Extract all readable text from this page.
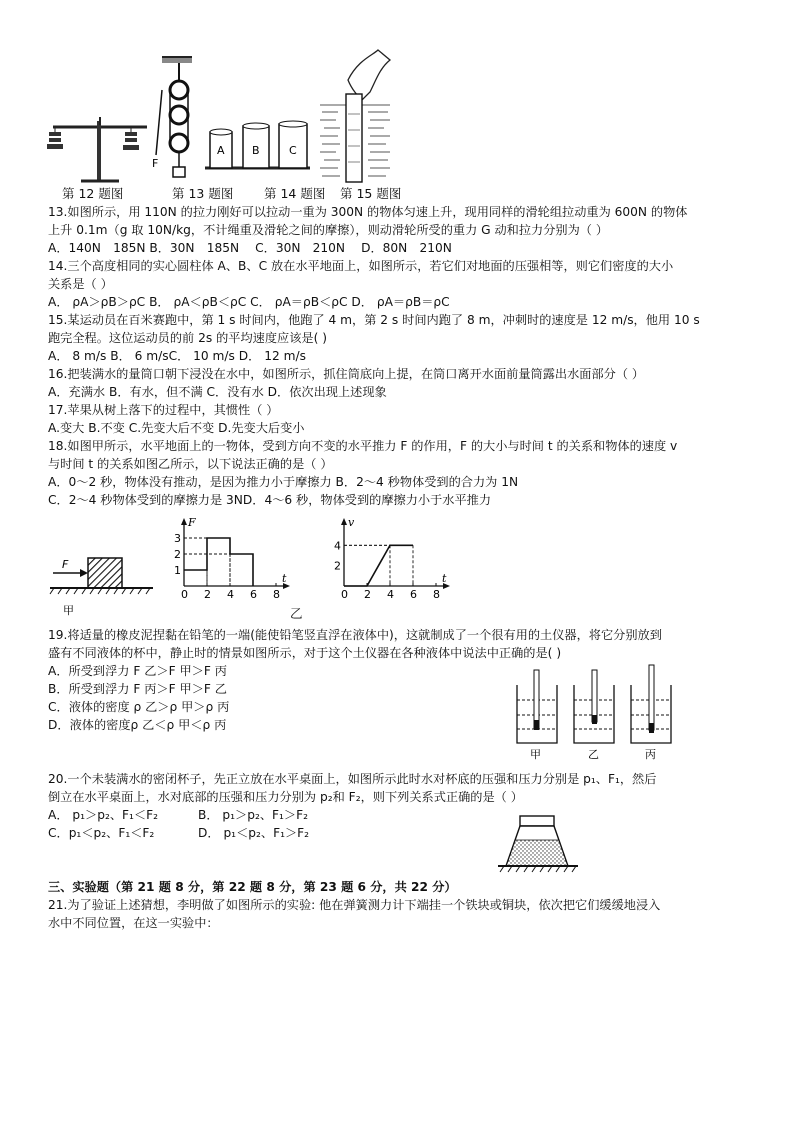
F
A B	C
第 12 题图	第 13 题图 第 14 题图 第 15 题图
13.如图所示，用 110N 的拉力刚好可以拉动一重为 300N 的物体匀速上升，现用同样的滑轮组拉动重为 600N 的物体
上升 0.1m（g 取 10N/kg，不计绳重及滑轮之间的摩擦），则动滑轮所受的重力 G 动和拉力分别为（ ）
A．140N　185N B．30N　185N　 C．30N　210N　 D．80N　210N
14.三个高度相同的实心圆柱体 A、B、C 放在水平地面上，如图所示，若它们对地面的压强相等，则它们密度的大小
关系是（ ）
A． ρA＞ρB＞ρC B． ρA＜ρB＜ρC C． ρA＝ρB＜ρC D． ρA＝ρB＝ρC
15.某运动员在百米赛跑中，第 1 s 时间内，他跑了 4 m，第 2 s 时间内跑了 8 m，冲刺时的速度是 12 m/s，他用 10 s
跑完全程。这位运动员的前 2s 的平均速度应该是( )
A． 8 m/s B． 6 m/sC． 10 m/s D． 12 m/s
16.把装满水的量筒口朝下浸没在水中，如图所示，抓住筒底向上提，在筒口离开水面前量筒露出水面部分（ ）
A．充满水 B．有水，但不满 C．没有水 D．依次出现上述现象
17.苹果从树上落下的过程中，其惯性（ ）
A.变大 B.不变 C.先变大后不变 D.先变大后变小
18.如图甲所示，水平地面上的一物体，受到方向不变的水平推力 F 的作用，F 的大小与时间 t 的关系和物体的速度 v
与时间 t 的关系如图乙所示，以下说法正确的是（ ）
A．0～2 秒，物体没有推动，是因为推力小于摩擦力 B．2～4 秒物体受到的合力为 1N
C．2～4 秒物体受到的摩擦力是 3ND．4～6 秒，物体受到的摩擦力小于水平推力
F
甲
t
F
0 2 4 6 8
1
2
3
t
v
0 2 4 6 8
2
4
乙
19.将适量的橡皮泥捏黏在铅笔的一端(能使铅笔竖直浮在液体中)，这就制成了一个很有用的土仪器，将它分别放到
盛有不同液体的杯中，静止时的情景如图所示，对于这个土仪器在各种液体中说法中正确的是( )
A．所受到浮力 F 乙＞F 甲＞F 丙
B．所受到浮力 F 丙＞F 甲＞F 乙
C．液体的密度 ρ 乙＞ρ 甲＞ρ 丙
D．液体的密度ρ 乙＜ρ 甲＜ρ 丙
甲	乙	丙
20.一个未装满水的密闭杯子，先正立放在水平桌面上，如图所示此时水对杯底的压强和压力分别是 p₁、F₁，然后
倒立在水平桌面上，水对底部的压强和压力分别为 p₂和 F₂，则下列关系式正确的是（ ）
A． p₁＞p₂、F₁＜F₂	B． p₁＞p₂、F₁＞F₂
C．p₁＜p₂、F₁＜F₂	D． p₁＜p₂、F₁＞F₂
三、实验题（第 21 题 8 分，第 22 题 8 分，第 23 题 6 分，共 22 分）
21.为了验证上述猜想，李明做了如图所示的实验: 他在弹簧测力计下端挂一个铁块或铜块，依次把它们缓缓地浸入
水中不同位置，在这一实验中：
